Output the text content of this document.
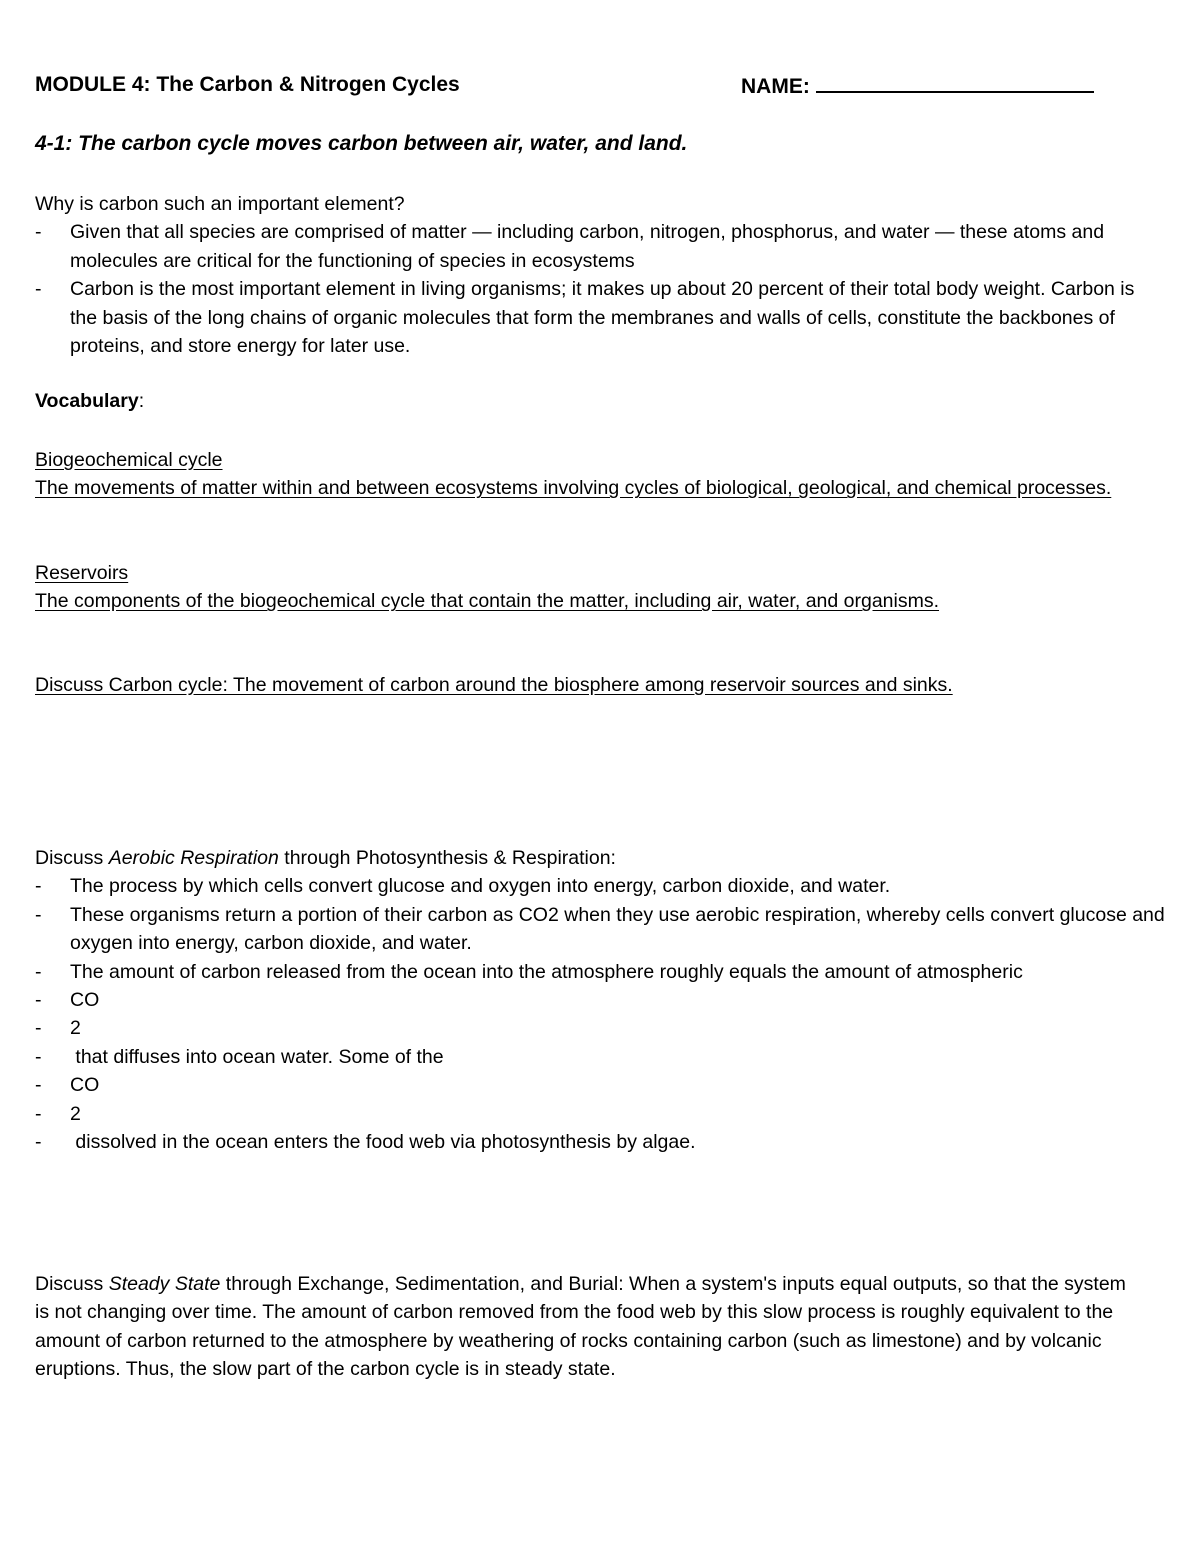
MODULE 4: The Carbon & Nitrogen Cycles	NAME:
4-1: The carbon cycle moves carbon between air, water, and land.
Why is carbon such an important element?
- Given that all species are comprised of matter — including carbon, nitrogen, phosphorus, and water — these atoms and molecules are critical for the functioning of species in ecosystems
- Carbon is the most important element in living organisms; it makes up about 20 percent of their total body weight. Carbon is the basis of the long chains of organic molecules that form the membranes and walls of cells, constitute the backbones of proteins, and store energy for later use.
Vocabulary:
Biogeochemical cycle
The movements of matter within and between ecosystems involving cycles of biological, geological, and chemical processes.
Reservoirs
The components of the biogeochemical cycle that contain the matter, including air, water, and organisms.
Discuss Carbon cycle: The movement of carbon around the biosphere among reservoir sources and sinks.
Discuss Aerobic Respiration through Photosynthesis & Respiration:
- The process by which cells convert glucose and oxygen into energy, carbon dioxide, and water.
- These organisms return a portion of their carbon as CO2 when they use aerobic respiration, whereby cells convert glucose and oxygen into energy, carbon dioxide, and water.
- The amount of carbon released from the ocean into the atmosphere roughly equals the amount of atmospheric
- CO
- 2
-  that diffuses into ocean water. Some of the
- CO
- 2
-  dissolved in the ocean enters the food web via photosynthesis by algae.
Discuss Steady State through Exchange, Sedimentation, and Burial: When a system's inputs equal outputs, so that the system is not changing over time. The amount of carbon removed from the food web by this slow process is roughly equivalent to the amount of carbon returned to the atmosphere by weathering of rocks containing carbon (such as limestone) and by volcanic eruptions. Thus, the slow part of the carbon cycle is in steady state.
